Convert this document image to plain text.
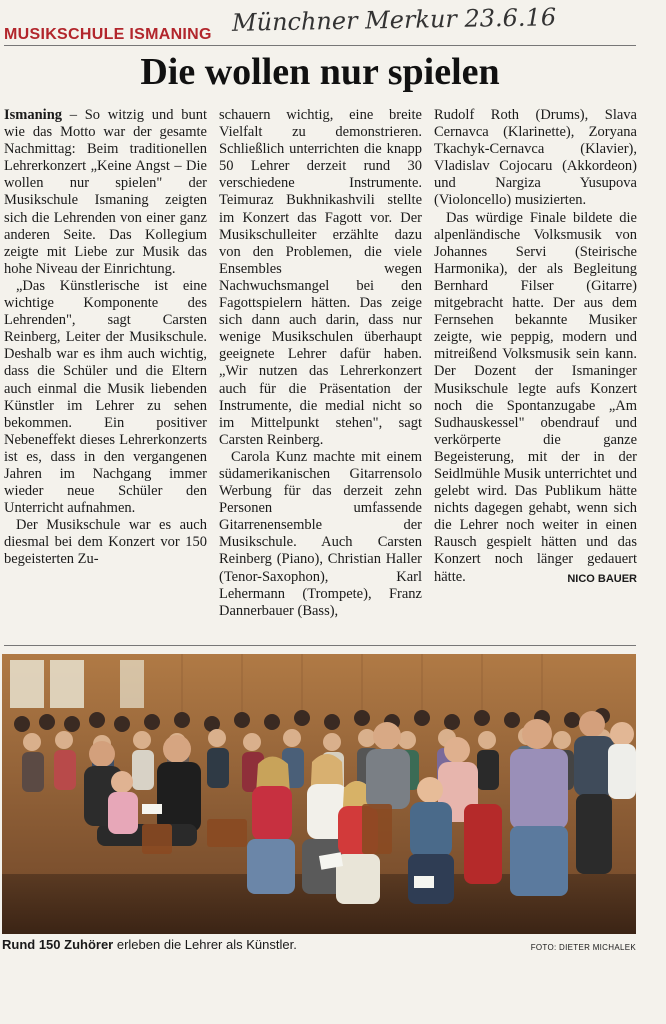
MUSIKSCHULE ISMANING Münchner Merkur 23.6.16
Die wollen nur spielen

Ismaning – So witzig und bunt wie das Motto war der gesamte Nachmittag: Beim traditionellen Lehrerkonzert „Keine Angst – Die wollen nur spielen" der Musikschule Ismaning zeigten sich die Lehrenden von einer ganz anderen Seite. Das Kollegium zeigte mit Liebe zur Musik das hohe Niveau der Einrichtung.

„Das Künstlerische ist eine wichtige Komponente des Lehrenden", sagt Carsten Reinberg, Leiter der Musikschule. Deshalb war es ihm auch wichtig, dass die Schüler und die Eltern auch einmal die Musik liebenden Künstler im Lehrer zu sehen bekommen. Ein positiver Nebeneffekt dieses Lehrerkonzerts ist es, dass in den vergangenen Jahren im Nachgang immer wieder neue Schüler den Unterricht aufnahmen.

Der Musikschule war es auch diesmal bei dem Konzert vor 150 begeisterten Zu-

schauern wichtig, eine breite Vielfalt zu demonstrieren. Schließlich unterrichten die knapp 50 Lehrer derzeit rund 30 verschiedene Instrumente. Teimuraz Bukhnikashvili stellte im Konzert das Fagott vor. Der Musikschulleiter erzählte dazu von den Problemen, die viele Ensembles wegen Nachwuchsmangel bei den Fagottspielern hätten. Das zeige sich dann auch darin, dass nur wenige Musikschulen überhaupt geeignete Lehrer dafür haben. „Wir nutzen das Lehrerkonzert auch für die Präsentation der Instrumente, die medial nicht so im Mittelpunkt stehen", sagt Carsten Reinberg.

Carola Kunz machte mit einem südamerikanischen Gitarrensolo Werbung für das derzeit zehn Personen umfassende Gitarrenensemble der Musikschule. Auch Carsten Reinberg (Piano), Christian Haller (Tenor-Saxophon), Karl Lehermann (Trompete), Franz Dannerbauer (Bass),

Rudolf Roth (Drums), Slava Cernavca (Klarinette), Zoryana Tkachyk-Cernavca (Klavier), Vladislav Cojocaru (Akkordeon) und Nargiza Yusupova (Violoncello) musizierten.

Das würdige Finale bildete die alpenländische Volksmusik von Johannes Servi (Steirische Harmonika), der als Begleitung Bernhard Filser (Gitarre) mitgebracht hatte. Der aus dem Fernsehen bekannte Musiker zeigte, wie peppig, modern und mitreißend Volksmusik sein kann. Der Dozent der Ismaninger Musikschule legte aufs Konzert noch die Spontanzugabe „Am Sudhauskessel" obendrauf und verkörperte die ganze Begeisterung, mit der in der Seidlmühle Musik unterrichtet und gelebt wird. Das Publikum hätte nichts dagegen gehabt, wenn sich die Lehrer noch weiter in einen Rausch gespielt hätten und das Konzert noch länger gedauert hätte.	NICO BAUER

Rund 150 Zuhörer erleben die Lehrer als Künstler.	FOTO: DIETER MICHALEK
